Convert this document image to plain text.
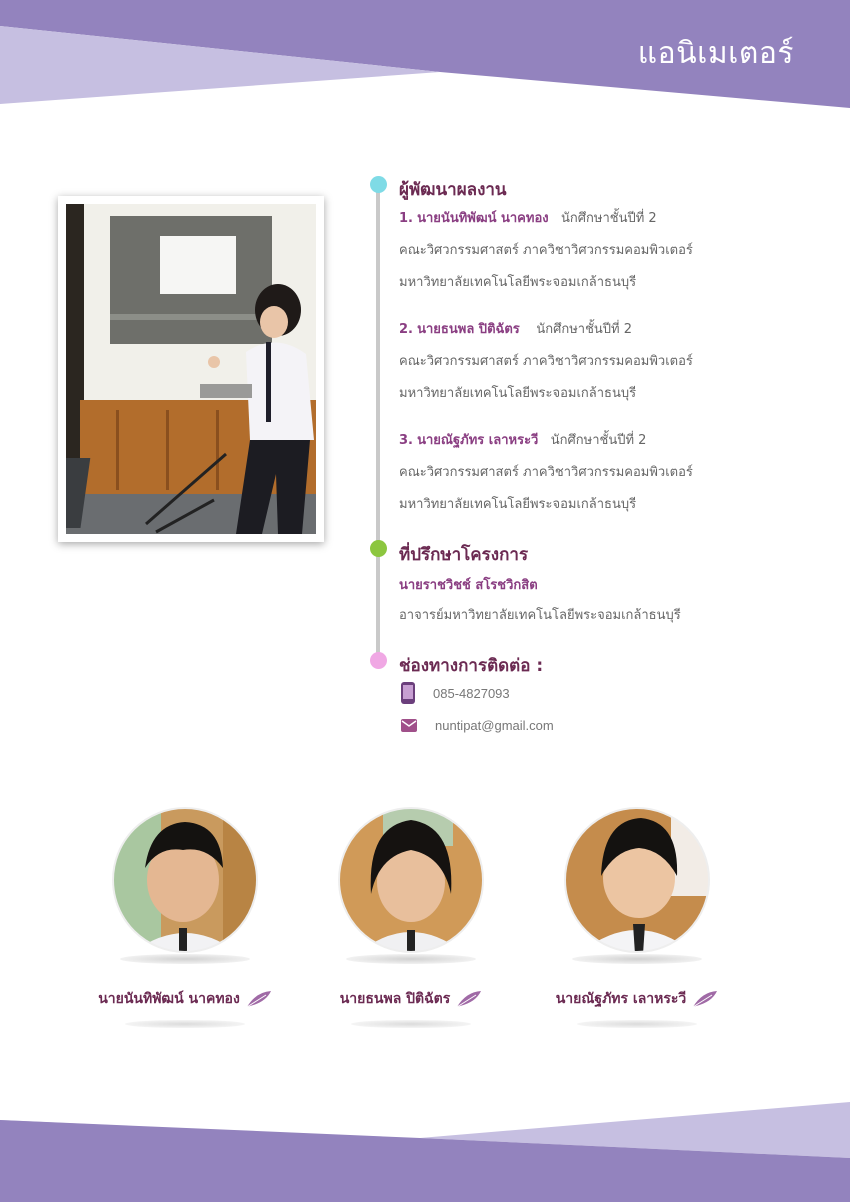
แอนิเมเตอร์
ผู้พัฒนาผลงาน
1. นายนันทิพัฒน์ นาคทอง นักศึกษาชั้นปีที่ 2
คณะวิศวกรรมศาสตร์ ภาควิชาวิศวกรรมคอมพิวเตอร์
มหาวิทยาลัยเทคโนโลยีพระจอมเกล้าธนบุรี
2. นายธนพล ปิติฉัตร นักศึกษาชั้นปีที่ 2
คณะวิศวกรรมศาสตร์ ภาควิชาวิศวกรรมคอมพิวเตอร์
มหาวิทยาลัยเทคโนโลยีพระจอมเกล้าธนบุรี
3. นายณัฐภัทร เลาหระวี นักศึกษาชั้นปีที่ 2
คณะวิศวกรรมศาสตร์ ภาควิชาวิศวกรรมคอมพิวเตอร์
มหาวิทยาลัยเทคโนโลยีพระจอมเกล้าธนบุรี
ที่ปรึกษาโครงการ
นายราชวิชช์ สโรชวิกสิต
อาจารย์มหาวิทยาลัยเทคโนโลยีพระจอมเกล้าธนบุรี
ช่องทางการติดต่อ :
085-4827093
nuntipat@gmail.com
นายนันทิพัฒน์ นาคทอง	นายธนพล ปิติฉัตร	นายณัฐภัทร เลาหระวี
